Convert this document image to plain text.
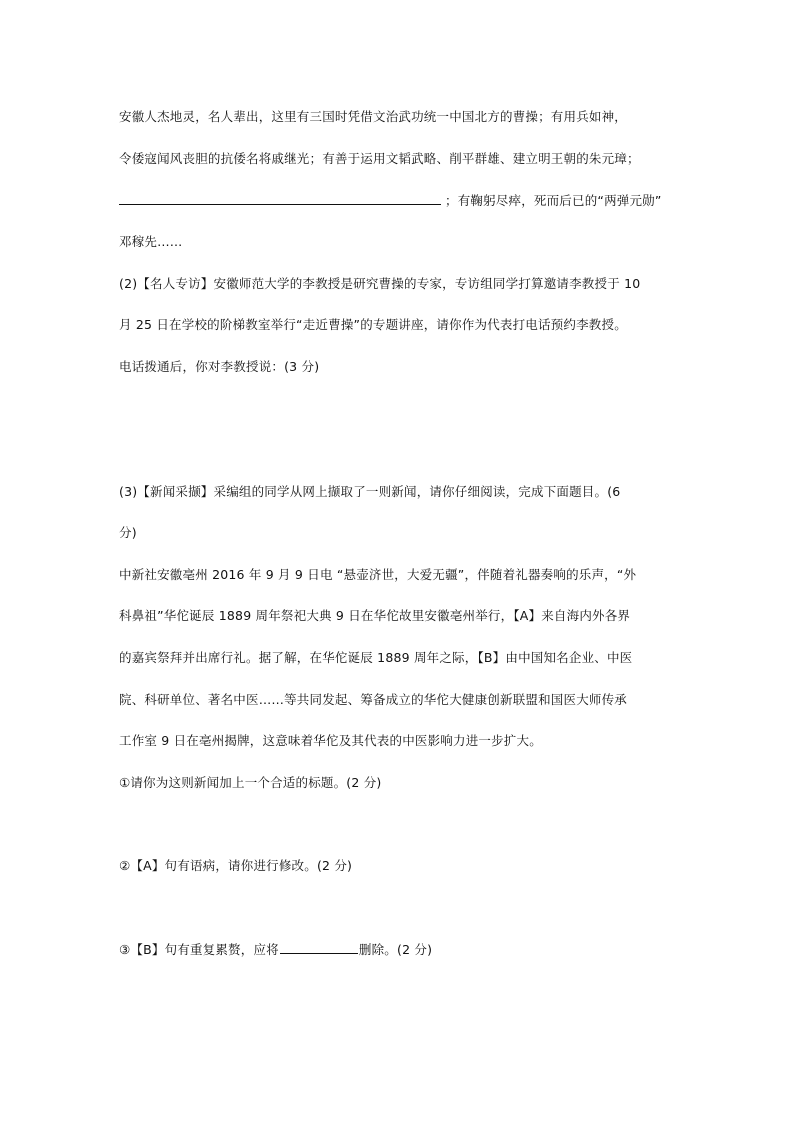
安徽人杰地灵，名人辈出，这里有三国时凭借文治武功统一中国北方的曹操；有用兵如神，
令倭寇闻风丧胆的抗倭名将戚继光；有善于运用文韬武略、削平群雄、建立明王朝的朱元璋；
；有鞠躬尽瘁，死而后已的“两弹元勋”
邓稼先……
(2)【名人专访】安徽师范大学的李教授是研究曹操的专家，专访组同学打算邀请李教授于 10
月 25 日在学校的阶梯教室举行“走近曹操”的专题讲座，请你作为代表打电话预约李教授。
电话拨通后，你对李教授说：(3 分)
(3)【新闻采撷】采编组的同学从网上撷取了一则新闻，请你仔细阅读，完成下面题目。(6
分)
中新社安徽亳州 2016 年 9 月 9 日电 “悬壶济世，大爱无疆”，伴随着礼器奏响的乐声，“外
科鼻祖”华佗诞辰 1889 周年祭祀大典 9 日在华佗故里安徽亳州举行，【A】来自海内外各界
的嘉宾祭拜并出席行礼。据了解，在华佗诞辰 1889 周年之际，【B】由中国知名企业、中医
院、科研单位、著名中医……等共同发起、筹备成立的华佗大健康创新联盟和国医大师传承
工作室 9 日在亳州揭牌，这意味着华佗及其代表的中医影响力进一步扩大。
①请你为这则新闻加上一个合适的标题。(2 分)
②【A】句有语病，请你进行修改。(2 分)
③【B】句有重复累赘，应将	删除。(2 分)
